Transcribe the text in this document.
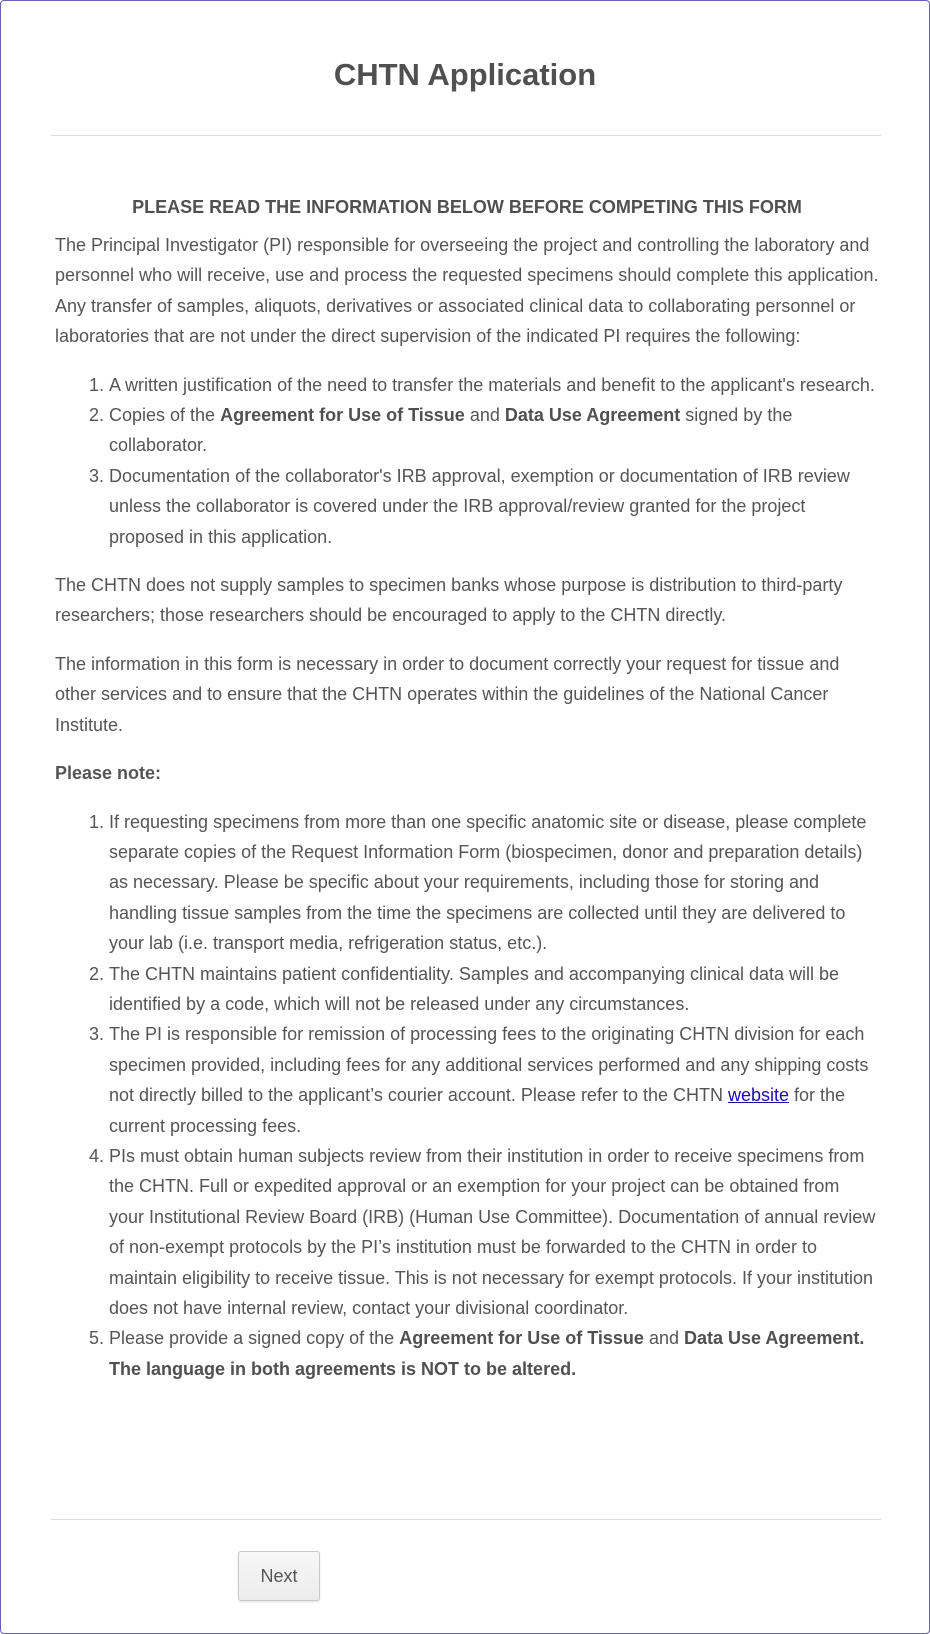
CHTN Application
PLEASE READ THE INFORMATION BELOW BEFORE COMPETING THIS FORM

The Principal Investigator (PI) responsible for overseeing the project and controlling the laboratory and personnel who will receive, use and process the requested specimens should complete this application. Any transfer of samples, aliquots, derivatives or associated clinical data to collaborating personnel or laboratories that are not under the direct supervision of the indicated PI requires the following:

1. A written justification of the need to transfer the materials and benefit to the applicant's research.
2. Copies of the Agreement for Use of Tissue and Data Use Agreement signed by the collaborator.
3. Documentation of the collaborator's IRB approval, exemption or documentation of IRB review unless the collaborator is covered under the IRB approval/review granted for the project proposed in this application.

The CHTN does not supply samples to specimen banks whose purpose is distribution to third-party researchers; those researchers should be encouraged to apply to the CHTN directly.

The information in this form is necessary in order to document correctly your request for tissue and other services and to ensure that the CHTN operates within the guidelines of the National Cancer Institute.

Please note:
1. If requesting specimens from more than one specific anatomic site or disease, please complete separate copies of the Request Information Form (biospecimen, donor and preparation details) as necessary. Please be specific about your requirements, including those for storing and handling tissue samples from the time the specimens are collected until they are delivered to your lab (i.e. transport media, refrigeration status, etc.).
2. The CHTN maintains patient confidentiality. Samples and accompanying clinical data will be identified by a code, which will not be released under any circumstances.
3. The PI is responsible for remission of processing fees to the originating CHTN division for each specimen provided, including fees for any additional services performed and any shipping costs not directly billed to the applicant’s courier account. Please refer to the CHTN website for the current processing fees.
4. PIs must obtain human subjects review from their institution in order to receive specimens from the CHTN. Full or expedited approval or an exemption for your project can be obtained from your Institutional Review Board (IRB) (Human Use Committee). Documentation of annual review of non-exempt protocols by the PI’s institution must be forwarded to the CHTN in order to maintain eligibility to receive tissue. This is not necessary for exempt protocols. If your institution does not have internal review, contact your divisional coordinator.
5. Please provide a signed copy of the Agreement for Use of Tissue and Data Use Agreement. The language in both agreements is NOT to be altered.
Next
